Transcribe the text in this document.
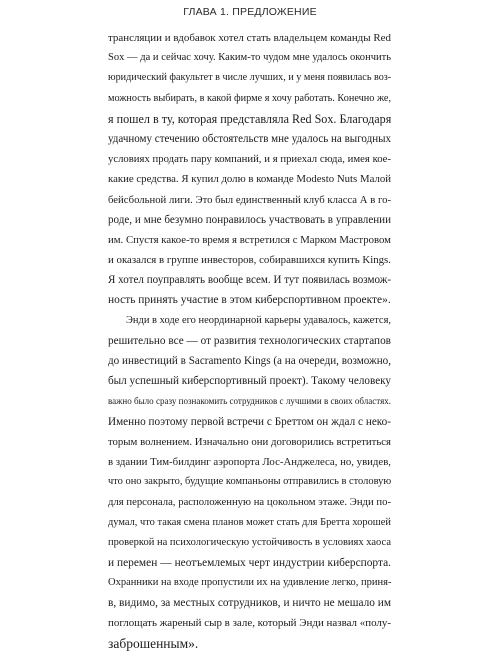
ГЛАВА 1. ПРЕДЛОЖЕНИЕ
трансляции и вдобавок хотел стать владельцем команды Red
Sox — да и сейчас хочу. Каким-то чудом мне удалось окончить
юридический факультет в числе лучших, и у меня появилась воз-
можность выбирать, в какой фирме я хочу работать. Конечно же,
я пошел в ту, которая представляла Red Sox. Благодаря
удачному стечению обстоятельств мне удалось на выгодных
условиях продать пару компаний, и я приехал сюда, имея кое-
какие средства. Я купил долю в команде Modesto Nuts Малой
бейсбольной лиги. Это был единственный клуб класса А в го-
роде, и мне безумно понравилось участвовать в управлении
им. Спустя какое-то время я встретился с Марком Мастровом
и оказался в группе инвесторов, собиравшихся купить Kings.
Я хотел поуправлять вообще всем. И тут появилась возмож-
ность принять участие в этом киберспортивном проекте».
Энди в ходе его неординарной карьеры удавалось, кажется,
решительно все — от развития технологических стартапов
до инвестиций в Sacramento Kings (а на очереди, возможно,
был успешный киберспортивный проект). Такому человеку
важно было сразу познакомить сотрудников с лучшими в своих областях.
Именно поэтому первой встречи с Бреттом он ждал с неко-
торым волнением. Изначально они договорились встретиться
в здании Тим-билдинг аэропорта Лос-Анджелеса, но, увидев,
что оно закрыто, будущие компаньоны отправились в столовую
для персонала, расположенную на цокольном этаже. Энди по-
думал, что такая смена планов может стать для Бретта хорошей
проверкой на психологическую устойчивость в условиях хаоса
и перемен — неотъемлемых черт индустрии киберспорта.
Охранники на входе пропустили их на удивление легко, приня-
в, видимо, за местных сотрудников, и ничто не мешало им
поглощать жареный сыр в зале, который Энди назвал «полу-
заброшенным».
